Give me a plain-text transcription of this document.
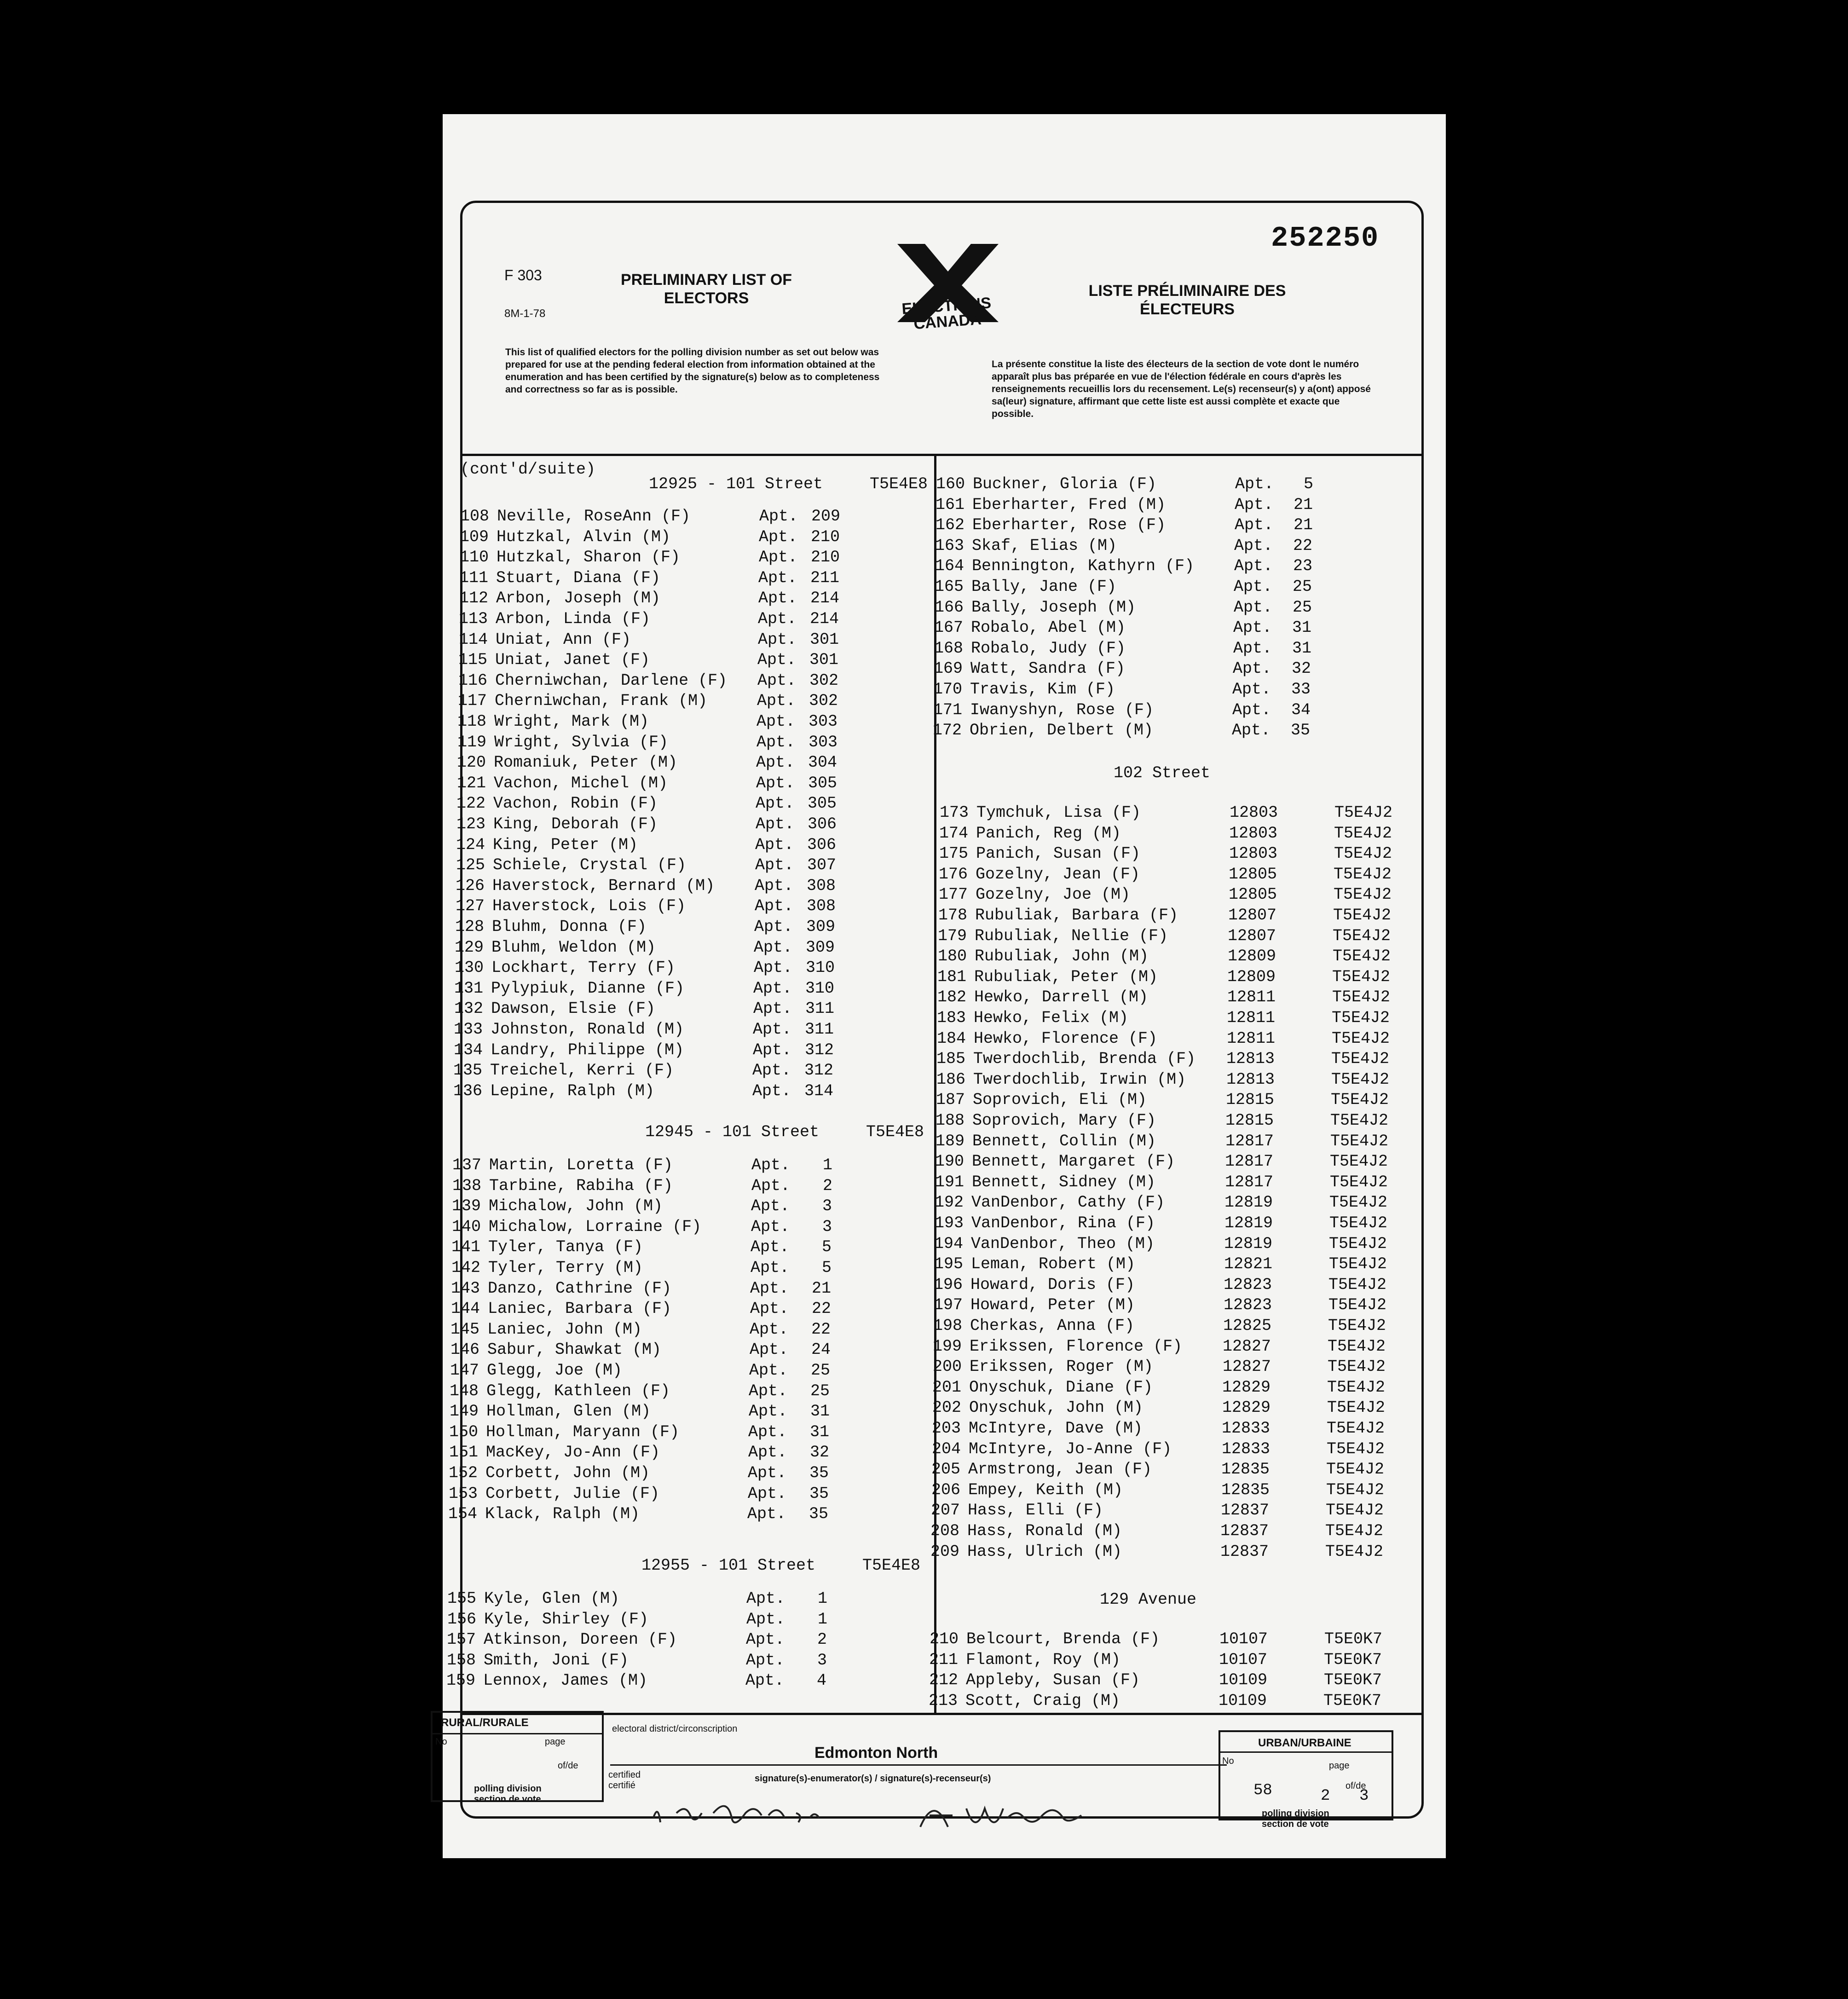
252250
F 303
8M-1-78
PRELIMINARY LIST OF
ELECTORS	LISTE PRÉLIMINAIRE DES
ÉLECTEURS
ELECTIONS
CANADA
This list of qualified electors for the polling division number as set out below was prepared for use at the pending federal election from information obtained at the enumeration and has been certified by the signature(s) below as to completeness and correctness so far as is possible.
La présente constitue la liste des électeurs de la section de vote dont le numéro apparaît plus bas préparée en vue de l'élection fédérale en cours d'après les renseignements recueillis lors du recensement. Le(s) recenseur(s) y a(ont) apposé sa(leur) signature, affirmant que cette liste est aussi complète et exacte que possible.
(cont'd/suite)
12925 - 101 Street	T5E4E8
108 Neville, RoseAnn (F)	Apt. 209
109 Hutzkal, Alvin (M)	Apt. 210
110 Hutzkal, Sharon (F)	Apt. 210
111 Stuart, Diana (F)	Apt. 211
112 Arbon, Joseph (M)	Apt. 214
113 Arbon, Linda (F)	Apt. 214
114 Uniat, Ann (F)	Apt. 301
115 Uniat, Janet (F)	Apt. 301
116 Cherniwchan, Darlene (F) Apt. 302
117 Cherniwchan, Frank (M)	Apt. 302
118 Wright, Mark (M)	Apt. 303
119 Wright, Sylvia (F)	Apt. 303
120 Romaniuk, Peter (M)	Apt. 304
121 Vachon, Michel (M)	Apt. 305
122 Vachon, Robin (F)	Apt. 305
123 King, Deborah (F)	Apt. 306
124 King, Peter (M)	Apt. 306
125 Schiele, Crystal (F)	Apt. 307
126 Haverstock, Bernard (M) Apt. 308
127 Haverstock, Lois (F)	Apt. 308
128 Bluhm, Donna (F)	Apt. 309
129 Bluhm, Weldon (M)	Apt. 309
130 Lockhart, Terry (F)	Apt. 310
131 Pylypiuk, Dianne (F)	Apt. 310
132 Dawson, Elsie (F)	Apt. 311
133 Johnston, Ronald (M)	Apt. 311
134 Landry, Philippe (M)	Apt. 312
135 Treichel, Kerri (F)	Apt. 312
136 Lepine, Ralph (M)	Apt. 314
12945 - 101 Street	T5E4E8
137 Martin, Loretta (F)	Apt.	1
138 Tarbine, Rabiha (F)	Apt.	2
139 Michalow, John (M)	Apt.	3
140 Michalow, Lorraine (F)	Apt.	3
141 Tyler, Tanya (F)	Apt.	5
142 Tyler, Terry (M)	Apt.	5
143 Danzo, Cathrine (F)	Apt.	21
144 Laniec, Barbara (F)	Apt.	22
145 Laniec, John (M)	Apt.	22
146 Sabur, Shawkat (M)	Apt.	24
147 Glegg, Joe (M)	Apt.	25
148 Glegg, Kathleen (F)	Apt.	25
149 Hollman, Glen (M)	Apt.	31
150 Hollman, Maryann (F)	Apt.	31
151 MacKey, Jo-Ann (F)	Apt.	32
152 Corbett, John (M)	Apt.	35
153 Corbett, Julie (F)	Apt.	35
154 Klack, Ralph (M)	Apt.	35
12955 - 101 Street	T5E4E8
155 Kyle, Glen (M)	Apt.	1
156 Kyle, Shirley (F)	Apt.	1
157 Atkinson, Doreen (F)	Apt.	2
158 Smith, Joni (F)	Apt.	3
159 Lennox, James (M)	Apt.	4
160 Buckner, Gloria (F)	Apt.	5
161 Eberharter, Fred (M)	Apt.	21
162 Eberharter, Rose (F)	Apt.	21
163 Skaf, Elias (M)	Apt.	22
164 Bennington, Kathyrn (F) Apt.	23
165 Bally, Jane (F)	Apt.	25
166 Bally, Joseph (M)	Apt.	25
167 Robalo, Abel (M)	Apt.	31
168 Robalo, Judy (F)	Apt.	31
169 Watt, Sandra (F)	Apt.	32
170 Travis, Kim (F)	Apt.	33
171 Iwanyshyn, Rose (F)	Apt.	34
172 Obrien, Delbert (M)	Apt.	35
173 Tymchuk, Lisa (F)	12803	T5E4J2
174 Panich, Reg (M)	12803	T5E4J2
175 Panich, Susan (F)	12803	T5E4J2
176 Gozelny, Jean (F)	12805	T5E4J2
177 Gozelny, Joe (M)	12805	T5E4J2
178 Rubuliak, Barbara (F)	12807	T5E4J2
179 Rubuliak, Nellie (F)	12807	T5E4J2
180 Rubuliak, John (M)	12809	T5E4J2
181 Rubuliak, Peter (M)	12809	T5E4J2
182 Hewko, Darrell (M)	12811	T5E4J2
183 Hewko, Felix (M)	12811	T5E4J2
184 Hewko, Florence (F)	12811	T5E4J2
185 Twerdochlib, Brenda (F) 12813	T5E4J2
186 Twerdochlib, Irwin (M)	12813	T5E4J2
187 Soprovich, Eli (M)	12815	T5E4J2
188 Soprovich, Mary (F)	12815	T5E4J2
189 Bennett, Collin (M)	12817	T5E4J2
190 Bennett, Margaret (F)	12817	T5E4J2
191 Bennett, Sidney (M)	12817	T5E4J2
192 VanDenbor, Cathy (F)	12819	T5E4J2
193 VanDenbor, Rina (F)	12819	T5E4J2
194 VanDenbor, Theo (M)	12819	T5E4J2
195 Leman, Robert (M)	12821	T5E4J2
196 Howard, Doris (F)	12823	T5E4J2
197 Howard, Peter (M)	12823	T5E4J2
198 Cherkas, Anna (F)	12825	T5E4J2
199 Erikssen, Florence (F)	12827	T5E4J2
200 Erikssen, Roger (M)	12827	T5E4J2
201 Onyschuk, Diane (F)	12829	T5E4J2
202 Onyschuk, John (M)	12829	T5E4J2
203 McIntyre, Dave (M)	12833	T5E4J2
204 McIntyre, Jo-Anne (F)	12833	T5E4J2
205 Armstrong, Jean (F)	12835	T5E4J2
206 Empey, Keith (M)	12835	T5E4J2
207 Hass, Elli (F)	12837	T5E4J2
208 Hass, Ronald (M)	12837	T5E4J2
209 Hass, Ulrich (M)	12837	T5E4J2
210 Belcourt, Brenda (F)	10107	T5E0K7
211 Flamont, Roy (M)	10107	T5E0K7
212 Appleby, Susan (F)	10109	T5E0K7
213 Scott, Craig (M)	10109	T5E0K7
102 Street
129 Avenue
RURAL/RURALE
No	page
of/de
polling division
section de vote
electoral district/circonscription
Edmonton North
certified
certifié
signature(s)-enumerator(s) / signature(s)-recenseur(s)
URBAN/URBAINE
No	page
of/de
58	2 3
polling division
section de vote
